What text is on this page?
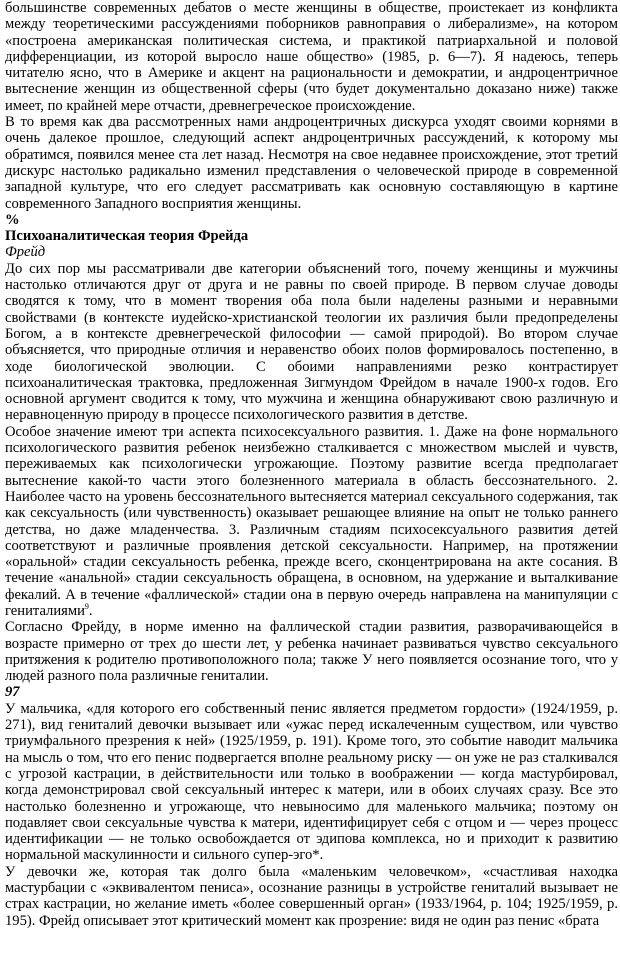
большинстве современных дебатов о месте женщины в обществе, проистекает из конфликта между теоретическими рассуждениями поборников равноправия о либерализме», на котором «построена американская политическая система, и практикой патриархальной и половой дифференциации, из которой выросло наше общество» (1985, p. 6—7). Я надеюсь, теперь читателю ясно, что в Америке и акцент на рациональности и демократии, и андроцентричное вытеснение женщин из общественной сферы (что будет документально доказано ниже) также имеет, по крайней мере отчасти, древнегреческое происхождение.

В то время как два рассмотренных нами андроцентричных дискурса уходят своими корнями в очень далекое прошлое, следующий аспект андроцентричных рассуждений, к которому мы обратимся, появился менее ста лет назад. Несмотря на свое недавнее происхождение, этот третий дискурс настолько радикально изменил представления о человеческой природе в современной западной культуре, что его следует рассматривать как основную составляющую в картине современного Западного восприятия женщины.

%

Психоаналитическая теория Фрейда

Фрейд

До сих пор мы рассматривали две категории объяснений того, почему женщины и мужчины настолько отличаются друг от друга и не равны по своей природе. В первом случае доводы сводятся к тому, что в момент творения оба пола были наделены разными и неравными свойствами (в контексте иудейско-христианской теологии их различия были предопределены Богом, а в контексте древнегреческой философии — самой природой). Во втором случае объясняется, что природные отличия и неравенство обоих полов формировалось постепенно, в ходе биологической эволюции. С обоими направлениями резко контрастирует психоаналитическая трактовка, предложенная Зигмундом Фрейдом в начале 1900-х годов. Его основной аргумент сводится к тому, что мужчина и женщина обнаруживают свою различную и неравноценную природу в процессе психологического развития в детстве.

Особое значение имеют три аспекта психосексуального развития. 1. Даже на фоне нормального психологического развития ребенок неизбежно сталкивается с множеством мыслей и чувств, переживаемых как психологически угрожающие. Поэтому развитие всегда предполагает вытеснение какой-то части этого болезненного материала в область бессознательного. 2. Наиболее часто на уровень бессознательного вытесняется материал сексуального содержания, так как сексуальность (или чувственность) оказывает решающее влияние на опыт не только раннего детства, но даже младенчества. 3. Различным стадиям психосексуального развития детей соответствуют и различные проявления детской сексуальности. Например, на протяжении «оральной» стадии сексуальность ребенка, прежде всего, сконцентрирована на акте сосания. В течение «анальной» стадии сексуальность обращена, в основном, на удержание и выталкивание фекалий. А в течение «фаллической» стадии она в первую очередь направлена на манипуляции с гениталиями$^9$.

Согласно Фрейду, в норме именно на фаллической стадии развития, разворачивающейся в возрасте примерно от трех до шести лет, у ребенка начинает развиваться чувство сексуального притяжения к родителю противоположного пола; также У него появляется осознание того, что у людей разного пола различные гениталии.

97

У мальчика, «для которого его собственный пенис является предметом гордости» (1924/1959, p. 271), вид гениталий девочки вызывает или «ужас перед искалеченным существом, или чувство триумфального презрения к ней» (1925/1959, p. 191). Кроме того, это событие наводит мальчика на мысль о том, что его пенис подвергается вполне реальному риску — он уже не раз сталкивался с угрозой кастрации, в действительности или только в воображении — когда мастурбировал, когда демонстрировал свой сексуальный интерес к матери, или в обоих случаях сразу. Все это настолько болезненно и угрожающе, что невыносимо для маленького мальчика; поэтому он подавляет свои сексуальные чувства к матери, идентифицирует себя с отцом и — через процесс идентификации — не только освобождается от эдипова комплекса, но и приходит к развитию нормальной маскулинности и сильного супер-эго*.

У девочки же, которая так долго была «маленьким человечком», «счастливая находка мастурбации с «эквивалентом пениса», осознание разницы в устройстве гениталий вызывает не страх кастрации, но желание иметь «более совершенный орган» (1933/1964, p. 104; 1925/1959, p. 195). Фрейд описывает этот критический момент как прозрение: видя не один раз пенис «брата
